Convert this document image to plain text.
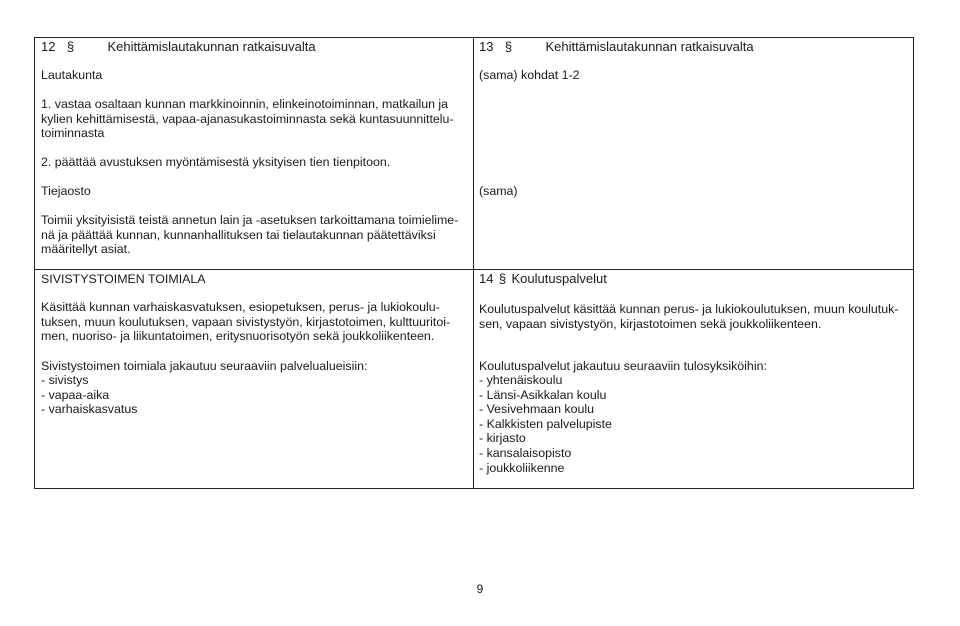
12 §	Kehittämislautakunnan ratkaisuvalta
Lautakunta
1. vastaa osaltaan kunnan markkinoinnin, elinkeinotoiminnan, matkailun ja
kylien kehittämisestä, vapaa-ajanasukastoiminnasta sekä kuntasuunnittelu-
toiminnasta
2. päättää avustuksen myöntämisestä yksityisen tien tienpitoon.
Tiejaosto
Toimii yksityisistä teistä annetun lain ja -asetuksen tarkoittamana toimielime-
nä ja päättää kunnan, kunnanhallituksen tai tielautakunnan päätettäviksi
määritellyt asiat.
SIVISTYSTOIMEN TOIMIALA
Käsittää kunnan varhaiskasvatuksen, esiopetuksen, perus- ja lukiokoulu-
tuksen, muun koulutuksen, vapaan sivistystyön, kirjastotoimen, kulttuuritoi-
men, nuoriso- ja liikuntatoimen, eritysnuorisotyön sekä joukkoliikenteen.
Sivistystoimen toimiala jakautuu seuraaviin palvelualueisiin:
- sivistys
- vapaa-aika
- varhaiskasvatus
13 §	Kehittämislautakunnan ratkaisuvalta
(sama) kohdat 1-2
(sama)
14 § Koulutuspalvelut
Koulutuspalvelut käsittää kunnan perus- ja lukiokoulutuksen, muun koulutuk-
sen, vapaan sivistystyön, kirjastotoimen sekä joukkoliikenteen.
Koulutuspalvelut jakautuu seuraaviin tulosyksiköihin:
- yhtenäiskoulu
- Länsi-Asikkalan koulu
- Vesivehmaan koulu
- Kalkkisten palvelupiste
- kirjasto
- kansalaisopisto
- joukkoliikenne
9
